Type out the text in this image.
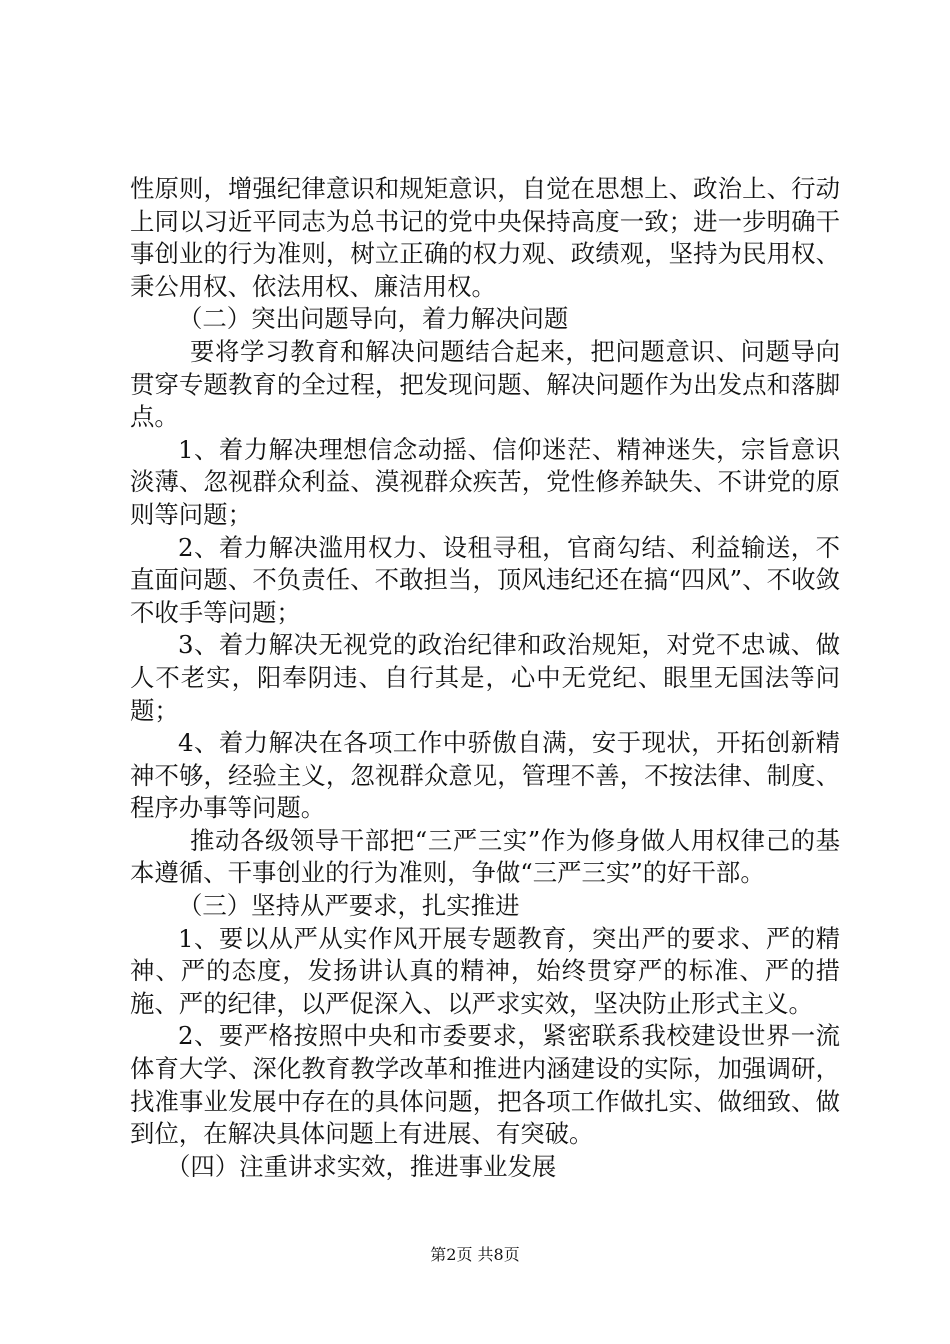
性原则，增强纪律意识和规矩意识，自觉在思想上、政治上、行动上同以习近平同志为总书记的党中央保持高度一致；进一步明确干事创业的行为准则，树立正确的权力观、政绩观，坚持为民用权、秉公用权、依法用权、廉洁用权。

（二）突出问题导向，着力解决问题

要将学习教育和解决问题结合起来，把问题意识、问题导向贯穿专题教育的全过程，把发现问题、解决问题作为出发点和落脚点。

1、着力解决理想信念动摇、信仰迷茫、精神迷失，宗旨意识淡薄、忽视群众利益、漠视群众疾苦，党性修养缺失、不讲党的原则等问题；

2、着力解决滥用权力、设租寻租，官商勾结、利益输送，不直面问题、不负责任、不敢担当，顶风违纪还在搞“四风”、不收敛不收手等问题；

3、着力解决无视党的政治纪律和政治规矩，对党不忠诚、做人不老实，阳奉阴违、自行其是，心中无党纪、眼里无国法等问题；

4、着力解决在各项工作中骄傲自满，安于现状，开拓创新精神不够，经验主义，忽视群众意见，管理不善，不按法律、制度、程序办事等问题。

推动各级领导干部把“三严三实”作为修身做人用权律己的基本遵循、干事创业的行为准则，争做“三严三实”的好干部。

（三）坚持从严要求，扎实推进

1、要以从严从实作风开展专题教育，突出严的要求、严的精神、严的态度，发扬讲认真的精神，始终贯穿严的标准、严的措施、严的纪律，以严促深入、以严求实效，坚决防止形式主义。

2、要严格按照中央和市委要求，紧密联系我校建设世界一流体育大学、深化教育教学改革和推进内涵建设的实际，加强调研，找准事业发展中存在的具体问题，把各项工作做扎实、做细致、做到位，在解决具体问题上有进展、有突破。

（四）注重讲求实效，推进事业发展

第2页 共8页
